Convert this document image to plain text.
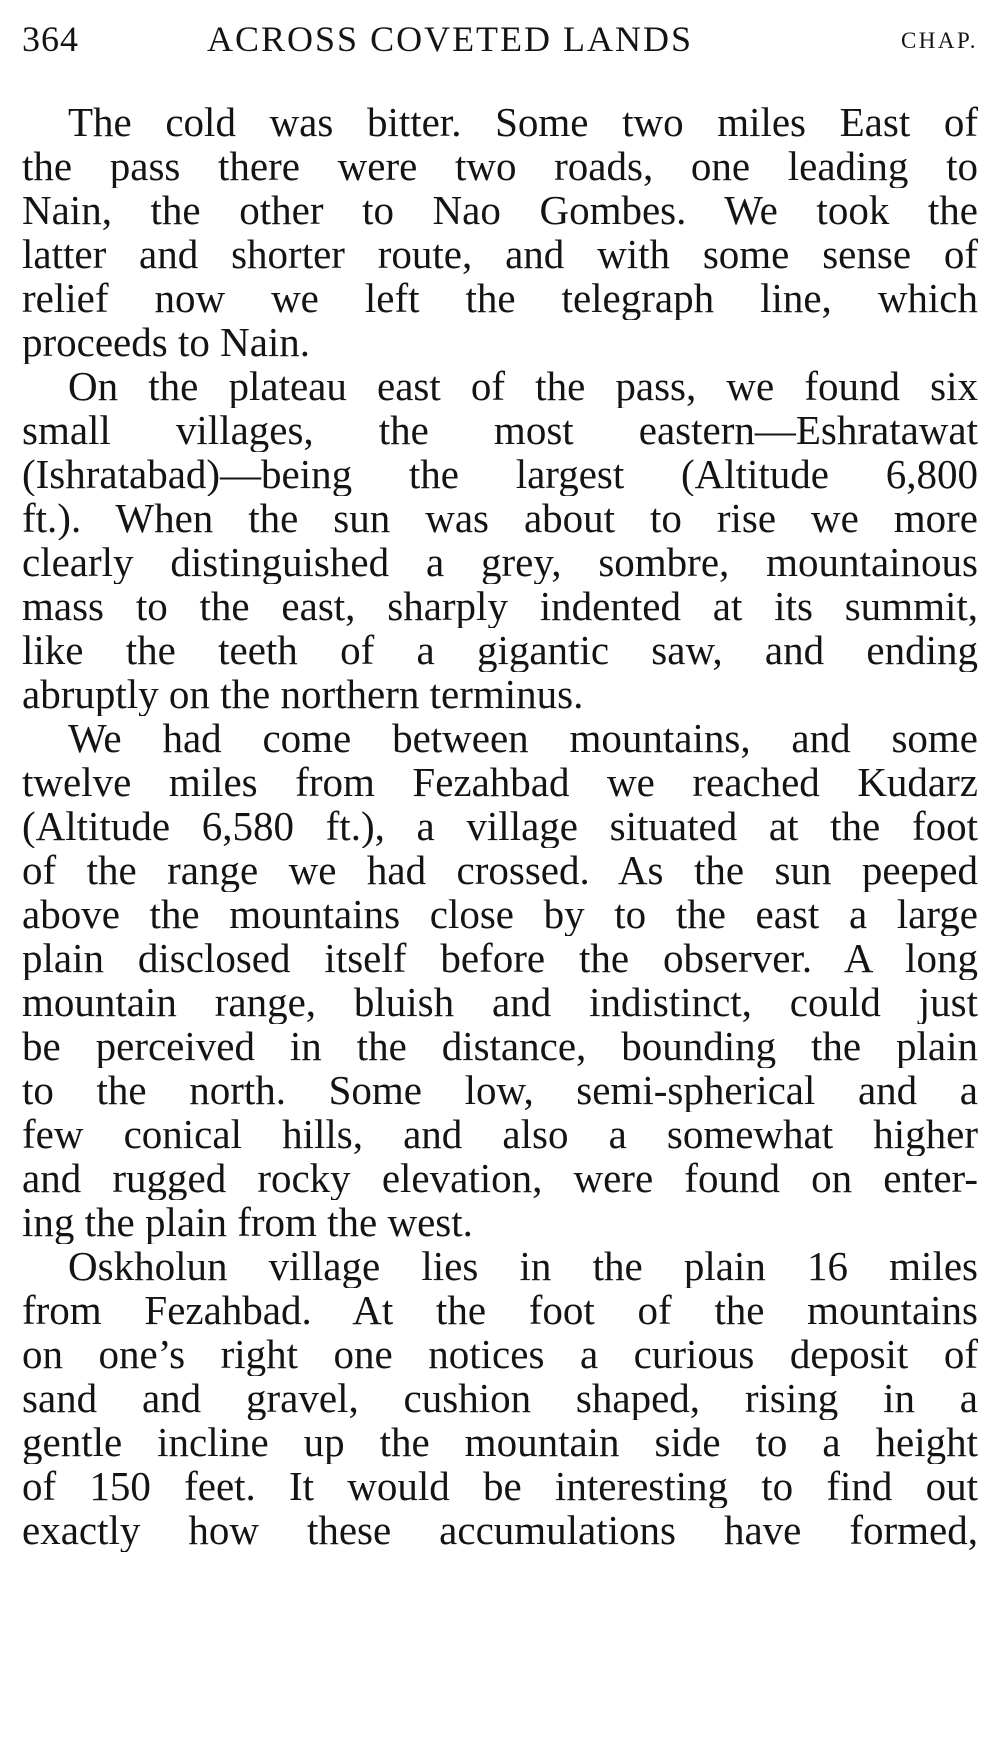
364	ACROSS COVETED LANDS	CHAP.
The cold was bitter. Some two miles East of
the pass there were two roads, one leading to
Nain, the other to Nao Gombes. We took the
latter and shorter route, and with some sense of
relief now we left the telegraph line, which
proceeds to Nain.
On the plateau east of the pass, we found six
small villages, the most eastern—Eshratawat
(Ishratabad)—being the largest (Altitude 6,800
ft.). When the sun was about to rise we more
clearly distinguished a grey, sombre, mountainous
mass to the east, sharply indented at its summit,
like the teeth of a gigantic saw, and ending
abruptly on the northern terminus.
We had come between mountains, and some
twelve miles from Fezahbad we reached Kudarz
(Altitude 6,580 ft.), a village situated at the foot
of the range we had crossed. As the sun peeped
above the mountains close by to the east a large
plain disclosed itself before the observer. A long
mountain range, bluish and indistinct, could just
be perceived in the distance, bounding the plain
to the north. Some low, semi-spherical and a
few conical hills, and also a somewhat higher
and rugged rocky elevation, were found on enter-
ing the plain from the west.
Oskholun village lies in the plain 16 miles
from Fezahbad. At the foot of the mountains
on one’s right one notices a curious deposit of
sand and gravel, cushion shaped, rising in a
gentle incline up the mountain side to a height
of 150 feet. It would be interesting to find out
exactly how these accumulations have formed,
